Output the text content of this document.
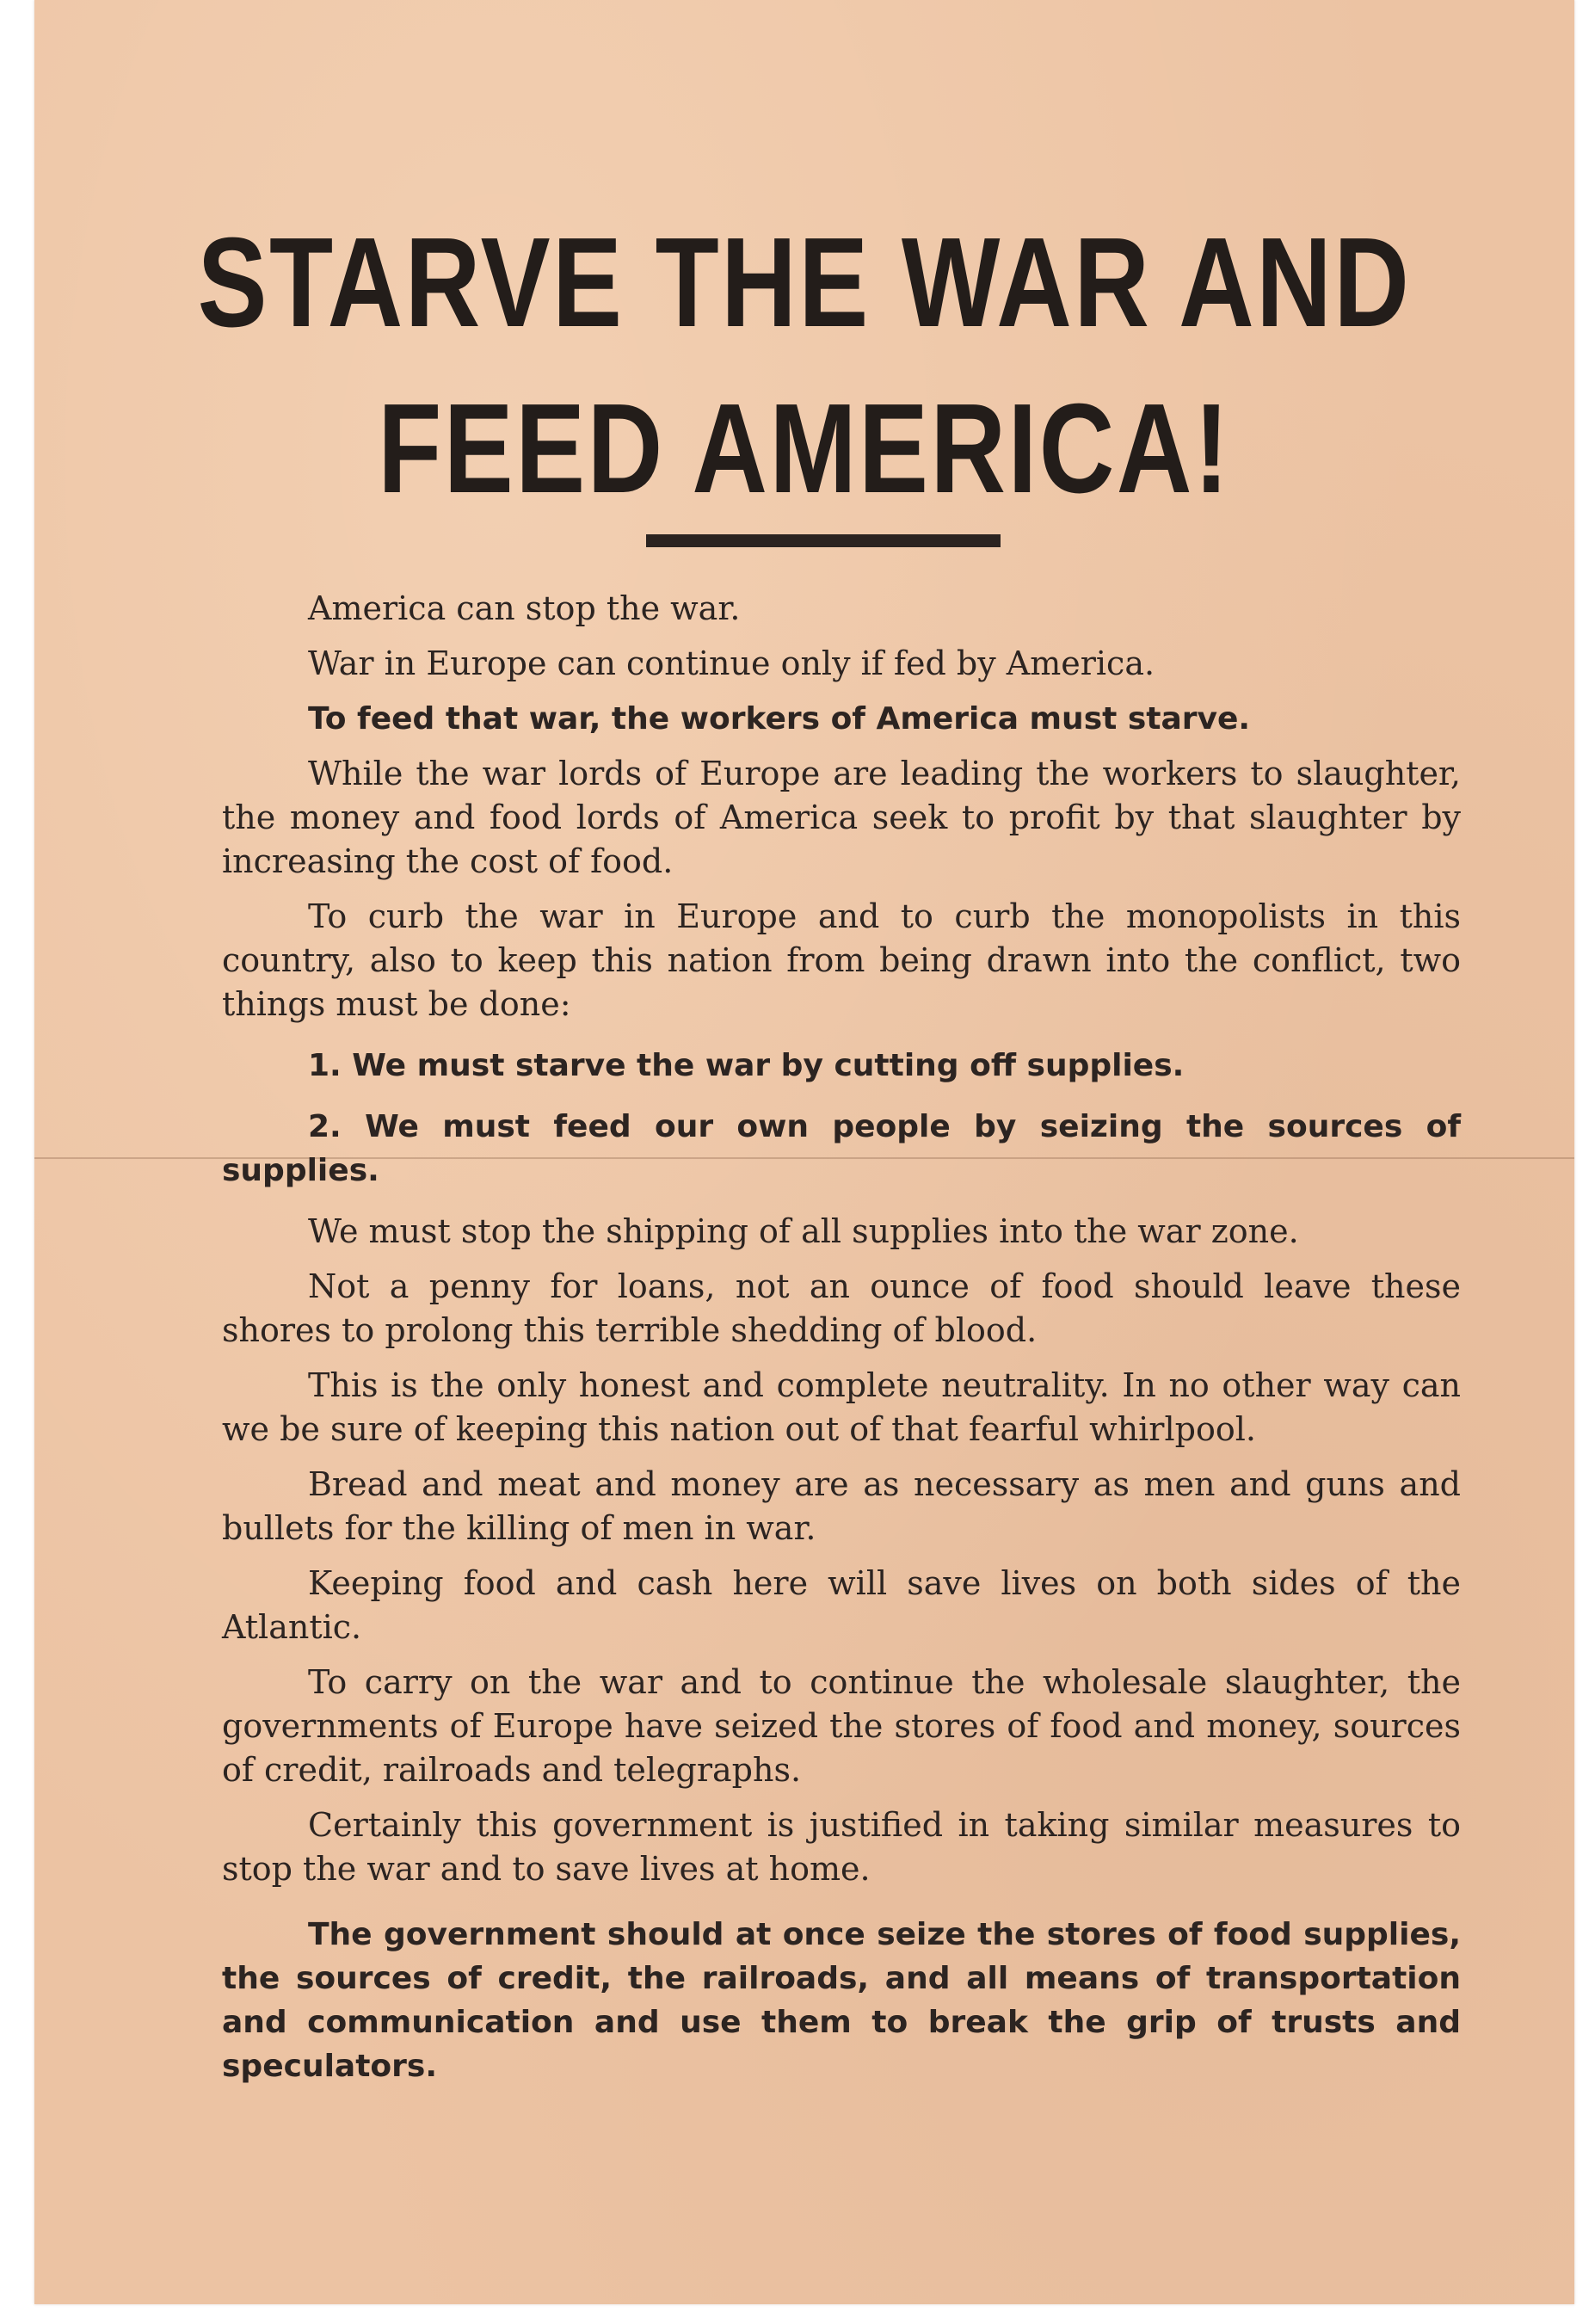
STARVE THE WAR AND
FEED AMERICA!

America can stop the war.

War in Europe can continue only if fed by America.

To feed that war, the workers of America must starve.

While the war lords of Europe are leading the workers to slaughter, the money and food lords of America seek to profit by that slaughter by increasing the cost of food.

To curb the war in Europe and to curb the monopolists in this country, also to keep this nation from being drawn into the conflict, two things must be done:

1. We must starve the war by cutting off supplies.

2. We must feed our own people by seizing the sources of supplies.

We must stop the shipping of all supplies into the war zone.

Not a penny for loans, not an ounce of food should leave these shores to prolong this terrible shedding of blood.

This is the only honest and complete neutrality. In no other way can we be sure of keeping this nation out of that fearful whirlpool.

Bread and meat and money are as necessary as men and guns and bullets for the killing of men in war.

Keeping food and cash here will save lives on both sides of the Atlantic.

To carry on the war and to continue the wholesale slaughter, the governments of Europe have seized the stores of food and money, sources of credit, railroads and telegraphs.

Certainly this government is justified in taking similar measures to stop the war and to save lives at home.

The government should at once seize the stores of food supplies, the sources of credit, the railroads, and all means of transportation and communication and use them to break the grip of trusts and speculators.
